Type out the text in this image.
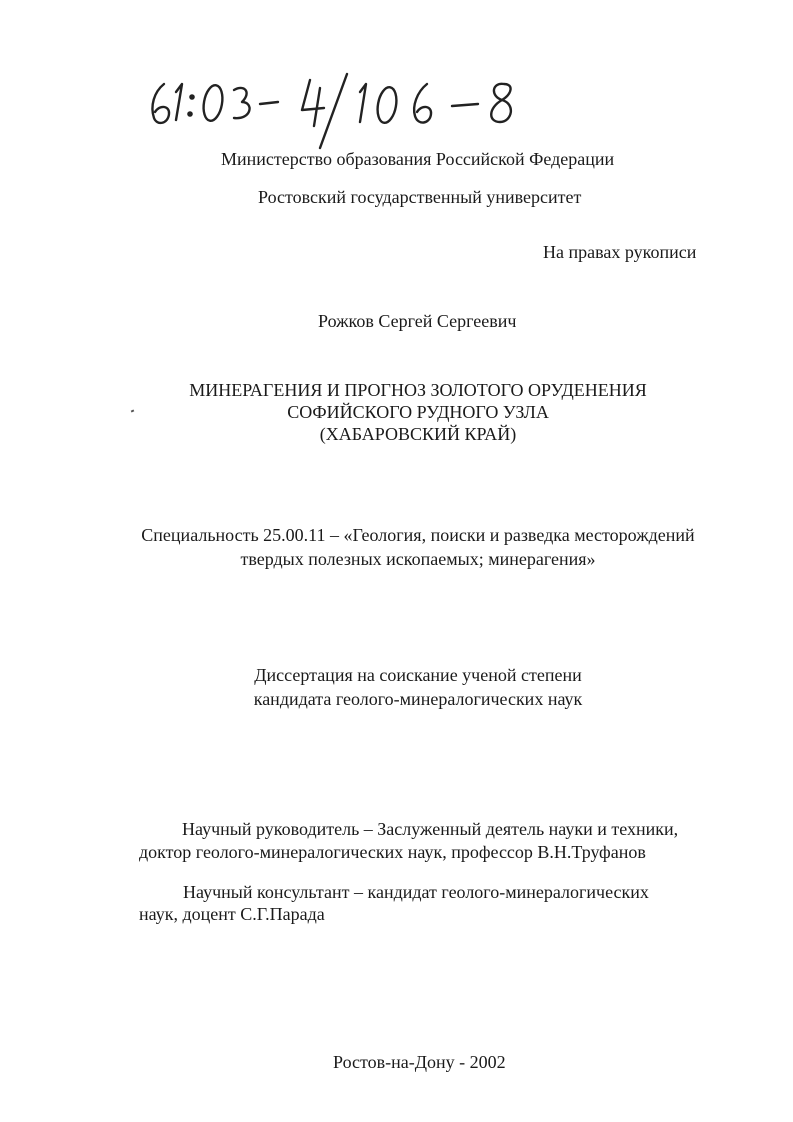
Министерство образования Российской Федерации
Ростовский государственный университет
На правах рукописи
Рожков Сергей Сергеевич
МИНЕРАГЕНИЯ И ПРОГНОЗ ЗОЛОТОГО ОРУДЕНЕНИЯ
СОФИЙСКОГО РУДНОГО УЗЛА
(ХАБАРОВСКИЙ КРАЙ)
Специальность 25.00.11 – «Геология, поиски и разведка месторождений
твердых полезных ископаемых; минерагения»
Диссертация на соискание ученой степени
кандидата геолого-минералогических наук
Научный руководитель – Заслуженный деятель науки и техники,
доктор геолого-минералогических наук, профессор В.Н.Труфанов
Научный консультант – кандидат геолого-минералогических
наук, доцент С.Г.Парада
Ростов-на-Дону - 2002
